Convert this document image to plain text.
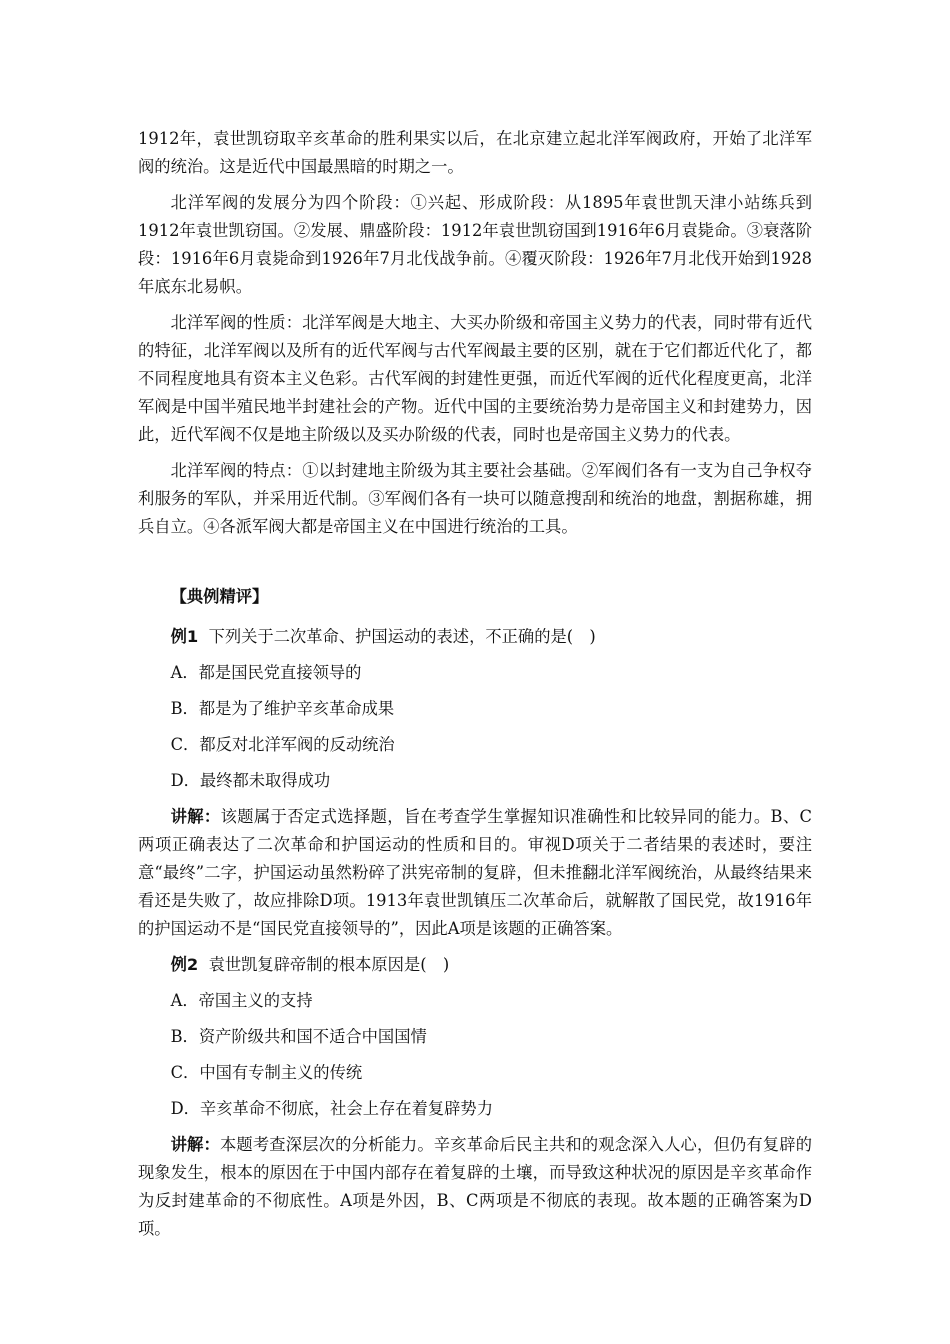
1912年，袁世凯窃取辛亥革命的胜利果实以后，在北京建立起北洋军阀政府，开始了北洋军阀的统治。这是近代中国最黑暗的时期之一。

北洋军阀的发展分为四个阶段：①兴起、形成阶段：从1895年袁世凯天津小站练兵到1912年袁世凯窃国。②发展、鼎盛阶段：1912年袁世凯窃国到1916年6月袁毙命。③衰落阶段：1916年6月袁毙命到1926年7月北伐战争前。④覆灭阶段：1926年7月北伐开始到1928年底东北易帜。

北洋军阀的性质：北洋军阀是大地主、大买办阶级和帝国主义势力的代表，同时带有近代的特征，北洋军阀以及所有的近代军阀与古代军阀最主要的区别，就在于它们都近代化了，都不同程度地具有资本主义色彩。古代军阀的封建性更强，而近代军阀的近代化程度更高，北洋军阀是中国半殖民地半封建社会的产物。近代中国的主要统治势力是帝国主义和封建势力，因此，近代军阀不仅是地主阶级以及买办阶级的代表，同时也是帝国主义势力的代表。

北洋军阀的特点：①以封建地主阶级为其主要社会基础。②军阀们各有一支为自己争权夺利服务的军队，并采用近代制。③军阀们各有一块可以随意搜刮和统治的地盘，割据称雄，拥兵自立。④各派军阀大都是帝国主义在中国进行统治的工具。

【典例精评】

例1 下列关于二次革命、护国运动的表述，不正确的是(　)

A．都是国民党直接领导的

B．都是为了维护辛亥革命成果

C．都反对北洋军阀的反动统治

D．最终都未取得成功

讲解：该题属于否定式选择题，旨在考查学生掌握知识准确性和比较异同的能力。B、C两项正确表达了二次革命和护国运动的性质和目的。审视D项关于二者结果的表述时，要注意“最终”二字，护国运动虽然粉碎了洪宪帝制的复辟，但未推翻北洋军阀统治，从最终结果来看还是失败了，故应排除D项。1913年袁世凯镇压二次革命后，就解散了国民党，故1916年的护国运动不是“国民党直接领导的”，因此A项是该题的正确答案。

例2 袁世凯复辟帝制的根本原因是(　)

A．帝国主义的支持

B．资产阶级共和国不适合中国国情

C．中国有专制主义的传统

D．辛亥革命不彻底，社会上存在着复辟势力

讲解：本题考查深层次的分析能力。辛亥革命后民主共和的观念深入人心，但仍有复辟的现象发生，根本的原因在于中国内部存在着复辟的土壤，而导致这种状况的原因是辛亥革命作为反封建革命的不彻底性。A项是外因，B、C两项是不彻底的表现。故本题的正确答案为D项。
